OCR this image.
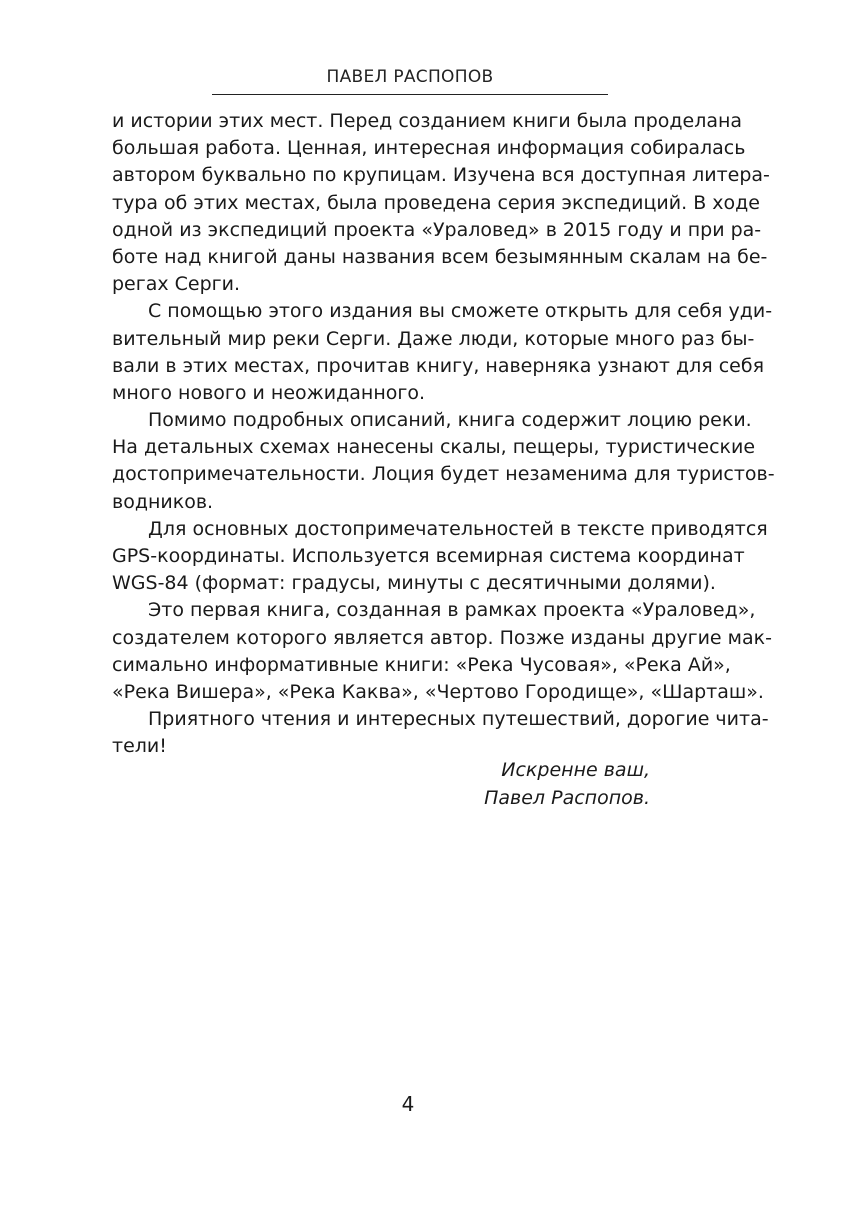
ПАВЕЛ РАСПОПОВ
и истории этих мест. Перед созданием книги была проделана
большая работа. Ценная, интересная информация собиралась
автором буквально по крупицам. Изучена вся доступная литера-
тура об этих местах, была проведена серия экспедиций. В ходе
одной из экспедиций проекта «Ураловед» в 2015 году и при ра-
боте над книгой даны названия всем безымянным скалам на бе-
регах Серги.
С помощью этого издания вы сможете открыть для себя уди-
вительный мир реки Серги. Даже люди, которые много раз бы-
вали в этих местах, прочитав книгу, наверняка узнают для себя
много нового и неожиданного.
Помимо подробных описаний, книга содержит лоцию реки.
На детальных схемах нанесены скалы, пещеры, туристические
достопримечательности. Лоция будет незаменима для туристов-
водников.
Для основных достопримечательностей в тексте приводятся
GPS-координаты. Используется всемирная система координат
WGS-84 (формат: градусы, минуты с десятичными долями).
Это первая книга, созданная в рамках проекта «Ураловед»,
создателем которого является автор. Позже изданы другие мак-
симально информативные книги: «Река Чусовая», «Река Ай»,
«Река Вишера», «Река Каква», «Чертово Городище», «Шарташ».
Приятного чтения и интересных путешествий, дорогие чита-
тели!
Искренне ваш,
Павел Распопов.
4
